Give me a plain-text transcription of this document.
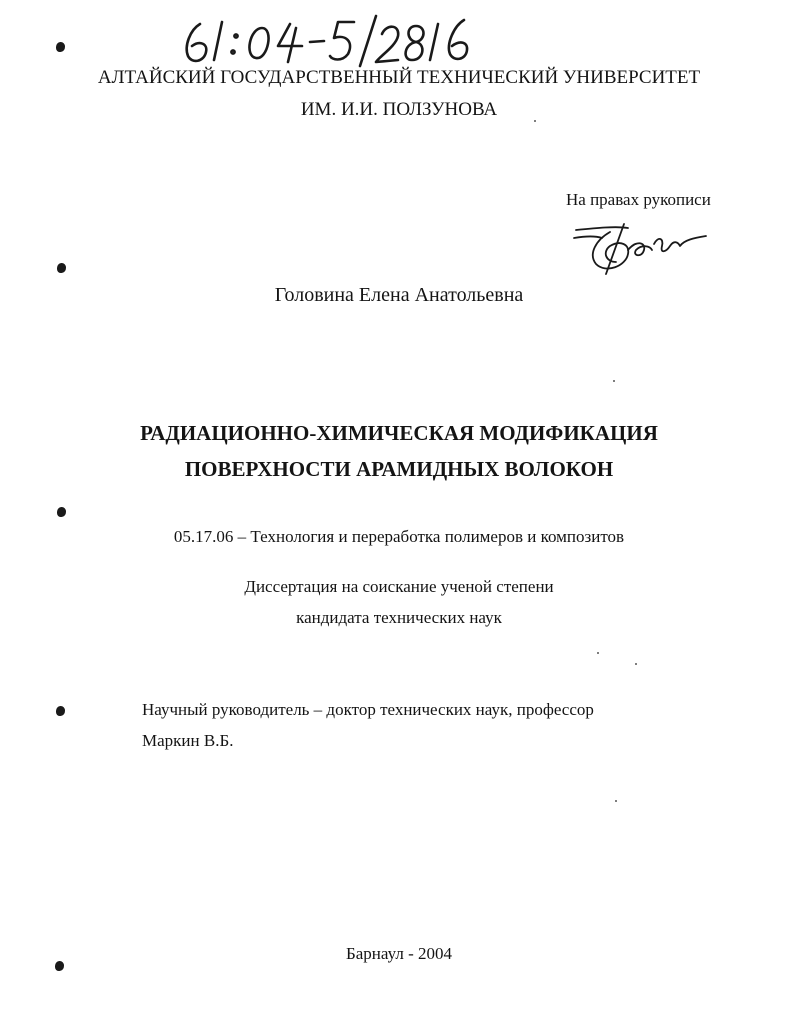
АЛТАЙСКИЙ ГОСУДАРСТВЕННЫЙ ТЕХНИЧЕСКИЙ УНИВЕРСИТЕТ
ИМ. И.И. ПОЛЗУНОВА
На правах рукописи
Головина Елена Анатольевна
РАДИАЦИОННО-ХИМИЧЕСКАЯ МОДИФИКАЦИЯ
ПОВЕРХНОСТИ АРАМИДНЫХ ВОЛОКОН
05.17.06 – Технология и переработка полимеров и композитов
Диссертация на соискание ученой степени
кандидата технических наук
Научный руководитель – доктор технических наук, профессор
Маркин В.Б.
Барнаул - 2004
